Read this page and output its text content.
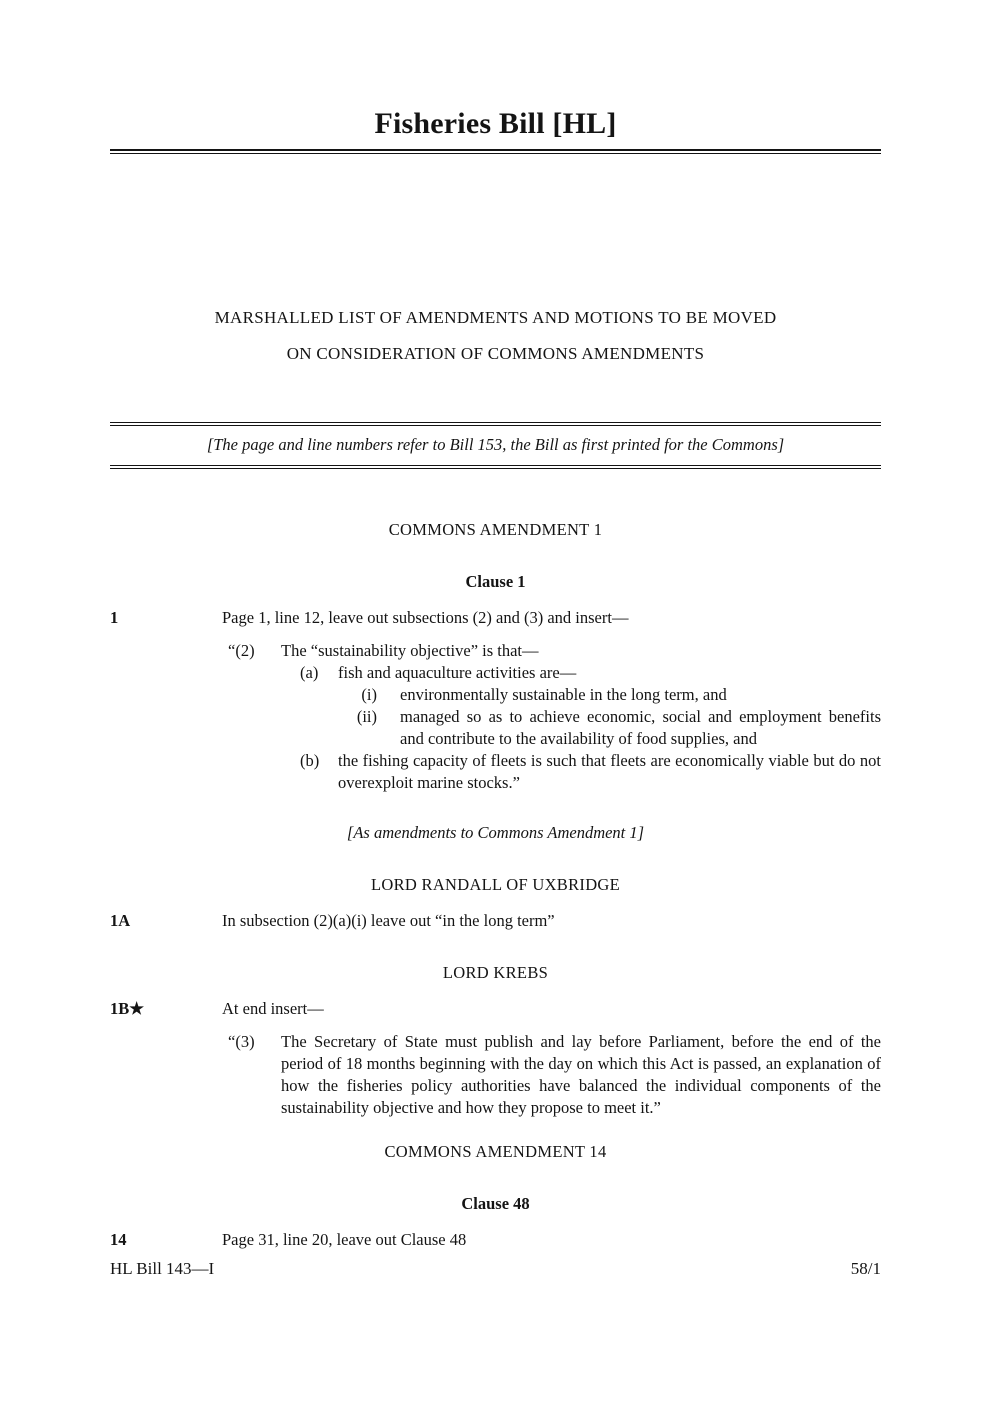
Fisheries Bill [HL]
MARSHALLED LIST OF AMENDMENTS AND MOTIONS TO BE MOVED
ON CONSIDERATION OF COMMONS AMENDMENTS
[The page and line numbers refer to Bill 153, the Bill as first printed for the Commons]
COMMONS AMENDMENT 1
Clause 1
1	Page 1, line 12, leave out subsections (2) and (3) and insert—
“(2)	The “sustainability objective” is that—
(a)	fish and aquaculture activities are—
(i)	environmentally sustainable in the long term, and
(ii)	managed so as to achieve economic, social and employment benefits and contribute to the availability of food supplies, and
(b)	the fishing capacity of fleets is such that fleets are economically viable but do not overexploit marine stocks.”
[As amendments to Commons Amendment 1]
LORD RANDALL OF UXBRIDGE
1A	In subsection (2)(a)(i) leave out “in the long term”
LORD KREBS
1B★	At end insert—
“(3)	The Secretary of State must publish and lay before Parliament, before the end of the period of 18 months beginning with the day on which this Act is passed, an explanation of how the fisheries policy authorities have balanced the individual components of the sustainability objective and how they propose to meet it.”
COMMONS AMENDMENT 14
Clause 48
14	Page 31, line 20, leave out Clause 48
HL Bill 143—I	58/1
